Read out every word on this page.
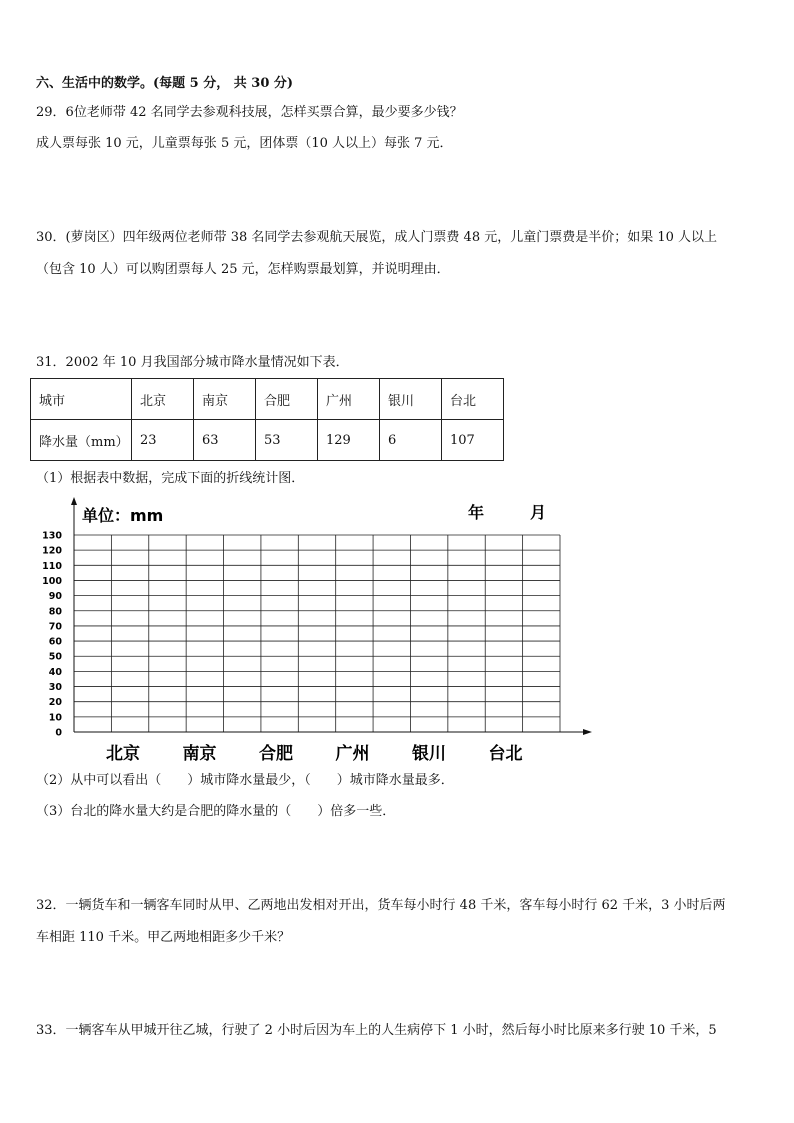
六、生活中的数学。(每题 5 分， 共 30 分)
29．6位老师带 42 名同学去参观科技展，怎样买票合算，最少要多少钱？
成人票每张 10 元，儿童票每张 5 元，团体票（10 人以上）每张 7 元．
30．(萝岗区）四年级两位老师带 38 名同学去参观航天展览，成人门票费 48 元，儿童门票费是半价；如果 10 人以上
（包含 10 人）可以购团票每人 25 元，怎样购票最划算，并说明理由．
31．2002 年 10 月我国部分城市降水量情况如下表．
城市	北京	南京	合肥	广州	银川	台北
降水量（mm）	23	63	53	129	6	107
（1）根据表中数据，完成下面的折线统计图．
130
120
110
100
90
80
70
60
50
40
30
20
10
0
北京	南京	合肥	广州	银川	台北
单位：mm	年	月
（2）从中可以看出（　　）城市降水量最少，（　　）城市降水量最多．
（3）台北的降水量大约是合肥的降水量的（　　）倍多一些．
32．一辆货车和一辆客车同时从甲、乙两地出发相对开出，货车每小时行 48 千米，客车每小时行 62 千米，3 小时后两
车相距 110 千米。甲乙两地相距多少千米？
33．一辆客车从甲城开往乙城，行驶了 2 小时后因为车上的人生病停下 1 小时，然后每小时比原来多行驶 10 千米，5
